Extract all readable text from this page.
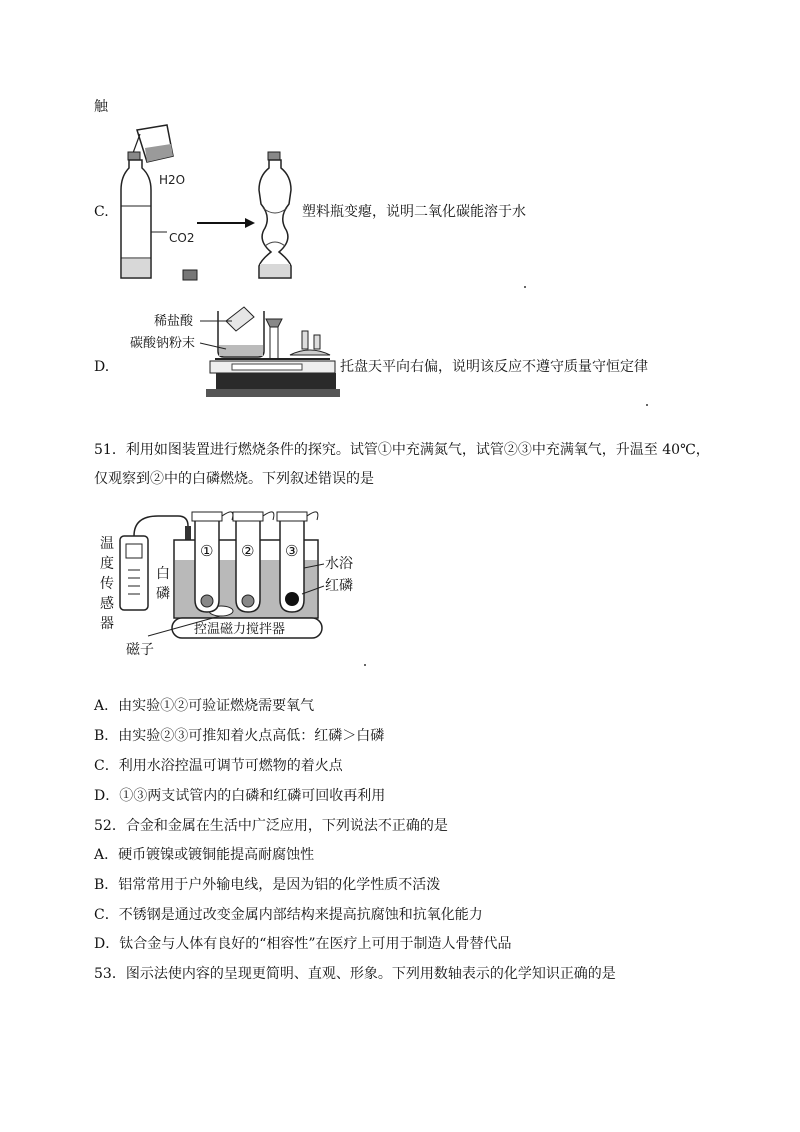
触
C.
H2O
CO2
塑料瓶变瘪，说明二氧化碳能溶于水
D.
稀盐酸
碳酸钠粉末
托盘天平向右偏，说明该反应不遵守质量守恒定律
51．利用如图装置进行燃烧条件的探究。试管①中充满氮气，试管②③中充满氧气，升温至 40℃，
仅观察到②中的白磷燃烧。下列叙述错误的是
温
度
传
感
器
白
磷
① ② ③
水浴
红磷
控温磁力搅拌器
磁子
A．由实验①②可验证燃烧需要氧气
B．由实验②③可推知着火点高低：红磷＞白磷
C．利用水浴控温可调节可燃物的着火点
D．①③两支试管内的白磷和红磷可回收再利用
52．合金和金属在生活中广泛应用，下列说法不正确的是
A．硬币镀镍或镀铜能提高耐腐蚀性
B．铝常常用于户外输电线，是因为铝的化学性质不活泼
C．不锈钢是通过改变金属内部结构来提高抗腐蚀和抗氧化能力
D．钛合金与人体有良好的“相容性”在医疗上可用于制造人骨替代品
53．图示法使内容的呈现更简明、直观、形象。下列用数轴表示的化学知识正确的是
